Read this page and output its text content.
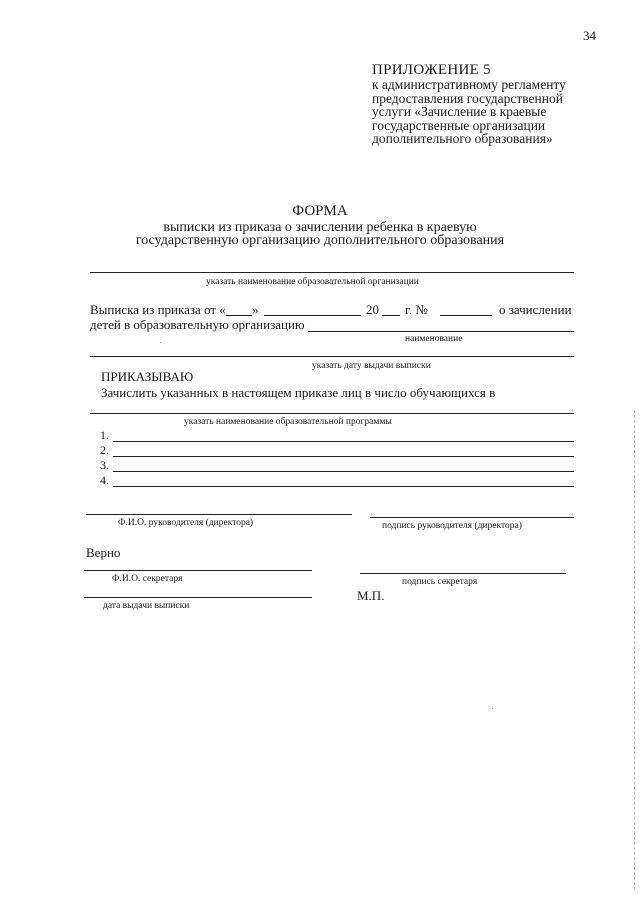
34
ПРИЛОЖЕНИЕ 5
к административному регламенту
предоставления государственной
услуги «Зачисление в краевые
государственные организации
дополнительного образования»
ФОРМА
выписки из приказа о зачислении ребенка в краевую
государственную организацию дополнительного образования
указать наименование образовательной организации
Выписка из приказа от « »	20 г. №	о зачислении
детей в образовательную организацию
наименование
указать дату выдачи выписки
ПРИКАЗЫВАЮ
Зачислить указанных в настоящем приказе лиц в число обучающихся в
указать наименование образовательной программы
1.
2.
3.
4.
Ф.И.О. руководителя (директора)	подпись руководителя (директора)
Верно
Ф.И.О. секретаря	подпись секретаря
дата выдачи выписки
М.П.
